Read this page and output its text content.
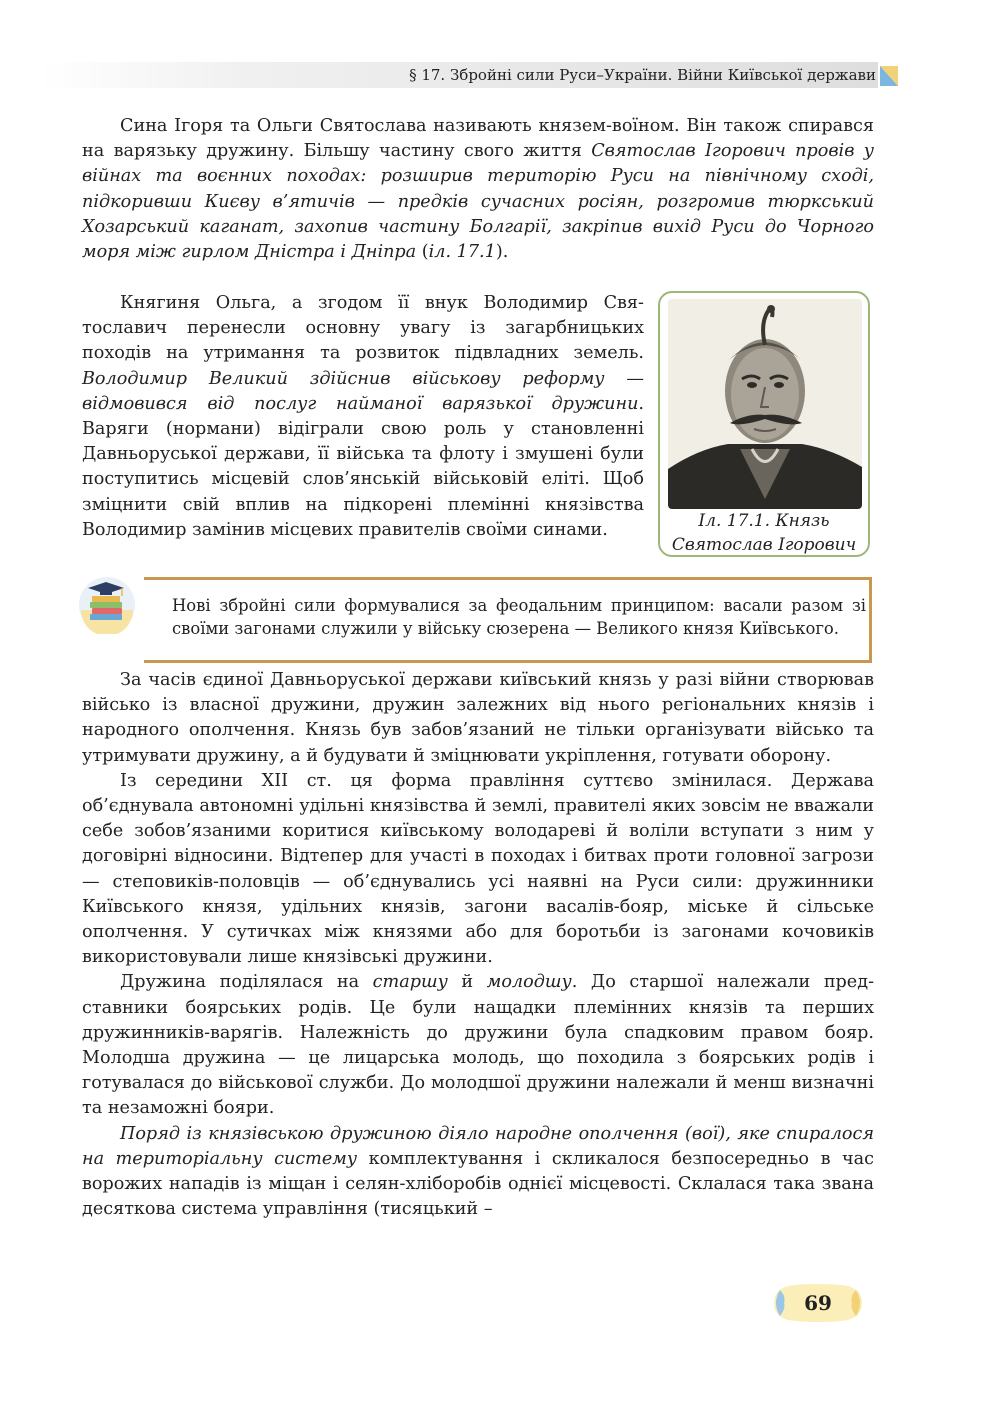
§ 17. Збройні сили Руси–України. Війни Київської держави

Сина Ігоря та Ольги Святослава називають князем-воїном. Він також спирався на варязьку дружину. Більшу частину свого життя Святослав Ігорович провів у війнах та воєнних походах: розширив територію Руси на північному сході, підкоривши Києву в’ятичів — предків сучасних росіян, розгромив тюркський Хозарський каганат, захопив частину Болгарії, закріпив вихід Руси до Чорного моря між гирлом Дністра і Дніпра (іл. 17.1).

Княгиня Ольга, а згодом її внук Володимир Святославич перенесли основну увагу із загарбницьких походів на утримання та розвиток підвладних земель. Володимир Великий здійснив військову реформу — відмовився від послуг найманої варязької дружини. Варяги (нормани) відіграли свою роль у становленні Давньоруської держави, її війська та флоту і змушені були поступитись місцевій слов’янській військовій еліті. Щоб зміцнити свій вплив на підкорені племінні князівства Володимир замінив місцевих правителів своїми синами.	Іл. 17.1. Князь
Святослав Ігорович

Нові збройні сили формувалися за феодальним принципом: васали разом зі своїми загонами служили у війську сюзерена — Великого князя Київського.

За часів єдиної Давньоруської держави київський князь у разі війни створював військо із власної дружини, дружин залежних від нього регіональних князів і народного ополчення. Князь був забов’язаний не тільки організувати військо та утримувати дружину, а й будувати й зміцнювати укріплення, готувати оборону.

Із середини XII ст. ця форма правління суттєво змінилася. Держава об’єднувала автономні удільні князівства й землі, правителі яких зовсім не вважали себе зобов’язаними коритися київському володареві й воліли вступати з ним у договірні відносини. Відтепер для участі в походах і битвах проти головної загрози — степовиків-половців — об’єднувались усі наявні на Руси сили: дружинники Київського князя, удільних князів, загони васалів-бояр, міське й сільське ополчення. У сутичках між князями або для боротьби із загонами кочовиків використовували лише князівські дружини.

Дружина поділялася на старшу й молодшу. До старшої належали представники боярських родів. Це були нащадки племінних князів та перших дружинників-варягів. Належність до дружини була спадковим правом бояр. Молодша дружина — це лицарська молодь, що походила з боярських родів і готувалася до військової служби. До молодшої дружини належали й менш визначні та незаможні бояри.

Поряд із князівською дружиною діяло народне ополчення (вої), яке спиралося на територіальну систему комплектування і скликалося безпосередньо в час ворожих нападів із міщан і селян-хліборобів однієї місцевості. Склалася така звана десяткова система управління (тисяцький –

69
